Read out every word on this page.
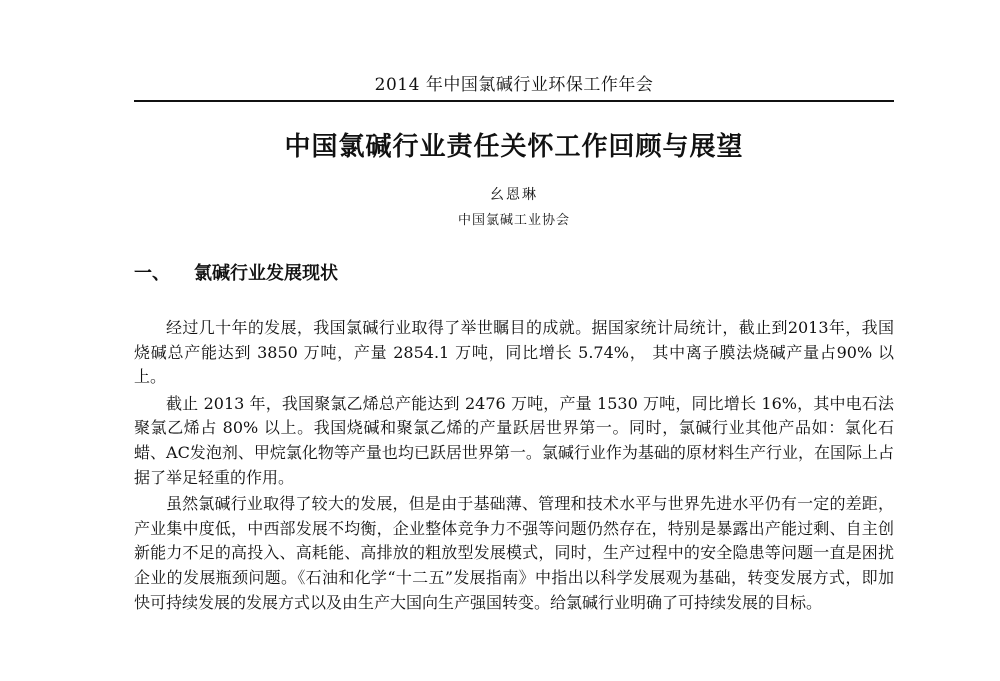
2014 年中国氯碱行业环保工作年会
中国氯碱行业责任关怀工作回顾与展望
幺恩琳
中国氯碱工业协会
一、 氯碱行业发展现状

经过几十年的发展，我国氯碱行业取得了举世瞩目的成就。据国家统计局统计，截止到2013年，我国烧碱总产能达到 3850 万吨，产量 2854.1 万吨，同比增长 5.74%， 其中离子膜法烧碱产量占90% 以上。

截止 2013 年，我国聚氯乙烯总产能达到 2476 万吨，产量 1530 万吨，同比增长 16%，其中电石法聚氯乙烯占 80% 以上。我国烧碱和聚氯乙烯的产量跃居世界第一。同时，氯碱行业其他产品如：氯化石蜡、AC发泡剂、甲烷氯化物等产量也均已跃居世界第一。氯碱行业作为基础的原材料生产行业，在国际上占据了举足轻重的作用。

虽然氯碱行业取得了较大的发展，但是由于基础薄、管理和技术水平与世界先进水平仍有一定的差距，产业集中度低，中西部发展不均衡，企业整体竞争力不强等问题仍然存在，特别是暴露出产能过剩、自主创新能力不足的高投入、高耗能、高排放的粗放型发展模式，同时，生产过程中的安全隐患等问题一直是困扰企业的发展瓶颈问题。《石油和化学“十二五”发展指南》中指出以科学发展观为基础，转变发展方式，即加快可持续发展的发展方式以及由生产大国向生产强国转变。给氯碱行业明确了可持续发展的目标。
